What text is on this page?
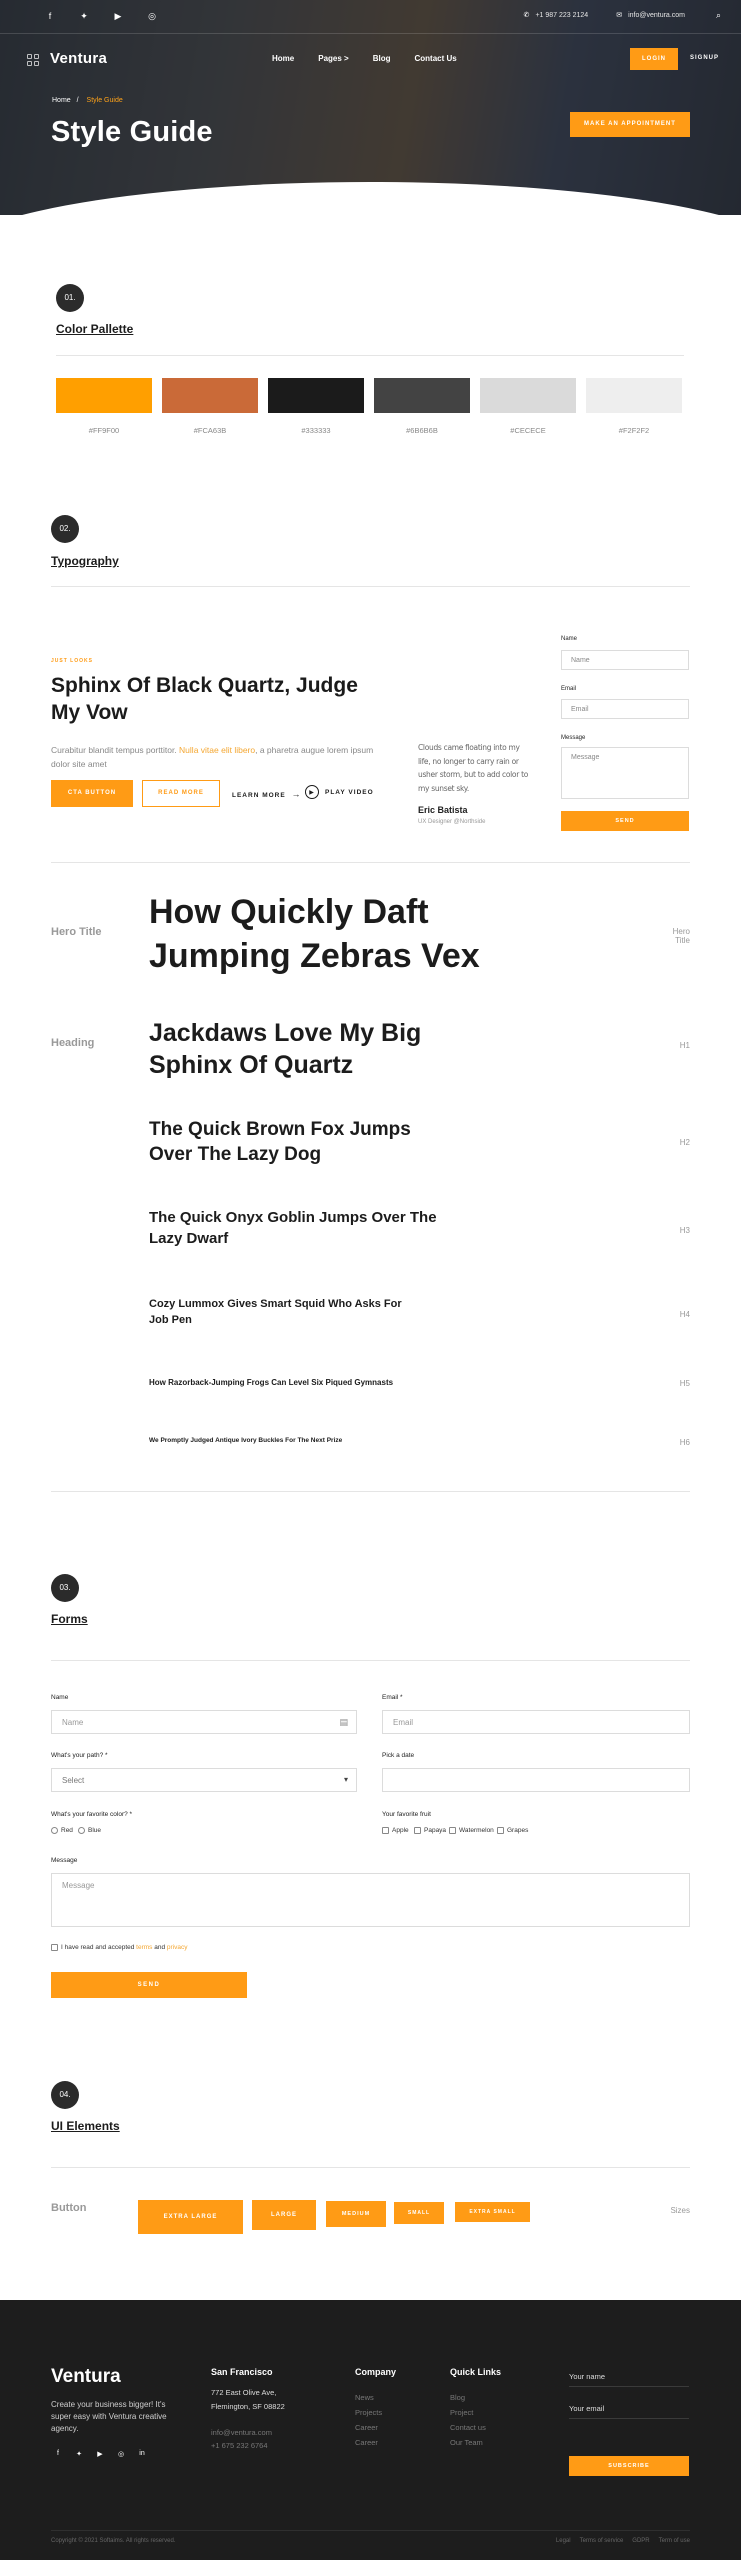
f	✦	▶	◎	✆ +1 987 223 2124	✉ info@ventura.com	⌕
Ventura	Home	Pages >	Blog	Contact Us	LOGIN	SIGNUP
Home / Style Guide
Style Guide	MAKE AN APPOINTMENT
01.
Color Pallette
#FF9F00	#FCA63B	#333333	#6B6B6B	#CECECE	#F2F2F2
02.
Typography
JUST LOOKS
Sphinx Of Black Quartz, Judge My Vow
Curabitur blandit tempus porttitor. Nulla vitae elit libero, a pharetra augue lorem ipsum dolor site amet
CTA BUTTON	READ MORE	LEARN MORE →	▶	PLAY VIDEO
Clouds came floating into my life, no longer to carry rain or usher storm, but to add color to my sunset sky.
Eric Batista
UX Designer @Northside
Name
Name
Email
Email
Message
Message
SEND
Hero Title
How Quickly Daft Jumping Zebras Vex
Hero Title
Heading Jackdaws Love My Big Sphinx Of Quartz
H1
The Quick Brown Fox Jumps Over The Lazy Dog
H2
The Quick Onyx Goblin Jumps Over The Lazy Dwarf	H3
Cozy Lummox Gives Smart Squid Who Asks For Job Pen	H4
How Razorback-Jumping Frogs Can Level Six Piqued Gymnasts	H5
We Promptly Judged Antique Ivory Buckles For The Next Prize	H6
03.
Forms
Name
Name	▤
Email *
Email
What's your path? *
Select	▾
Pick a date
What's your favorite color? *
Red Blue
Your favorite fruit
Apple Papaya Watermelon Grapes
Message
Message
I have read and accepted terms and privacy
SEND
04.
UI Elements
Button
EXTRA LARGE	LARGE	MEDIUM	SMALL	EXTRA SMALL	Sizes
Ventura
Create your business bigger! It's super easy with Ventura creative agency.
f	✦	▶	◎	in
San Francisco
772 East Olive Ave, Flemington, SF 08822
info@ventura.com
+1 675 232 6764
Company
News
Projects
Career
Career
Quick Links
Blog
Project
Contact us
Our Team
Your name
Your email
SUBSCRIBE
Copyright © 2021 Softaims. All rights reserved.	Legal Terms of service GDPR Term of use
